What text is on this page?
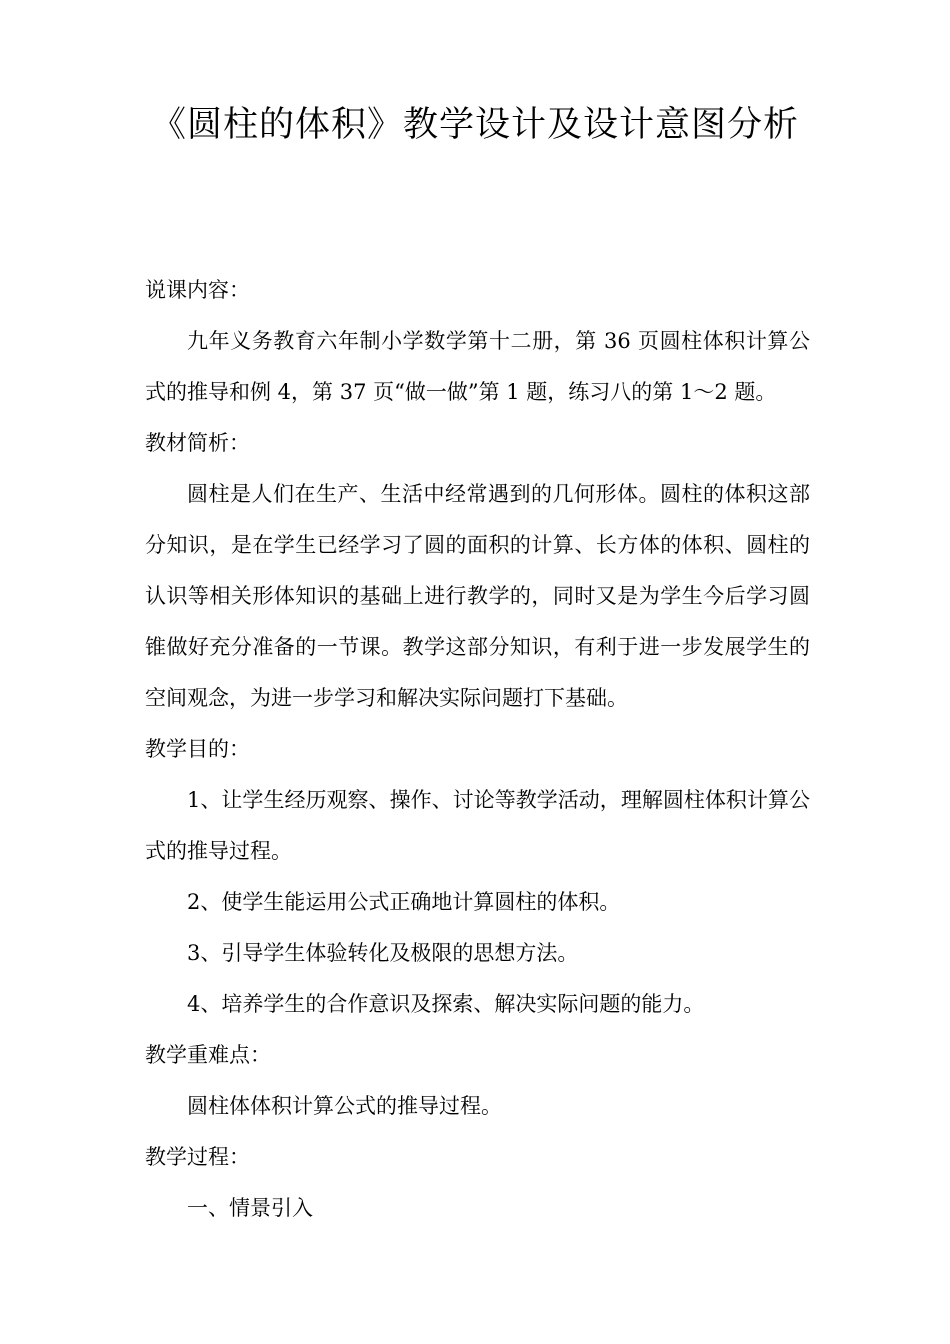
《圆柱的体积》教学设计及设计意图分析

说课内容：

九年义务教育六年制小学数学第十二册，第 36 页圆柱体积计算公式的推导和例 4，第 37 页“做一做”第 1 题，练习八的第 1～2 题。

教材简析：

圆柱是人们在生产、生活中经常遇到的几何形体。圆柱的体积这部分知识，是在学生已经学习了圆的面积的计算、长方体的体积、圆柱的认识等相关形体知识的基础上进行教学的，同时又是为学生今后学习圆锥做好充分准备的一节课。教学这部分知识，有利于进一步发展学生的空间观念，为进一步学习和解决实际问题打下基础。

教学目的：

1、让学生经历观察、操作、讨论等教学活动，理解圆柱体积计算公式的推导过程。

2、使学生能运用公式正确地计算圆柱的体积。

3、引导学生体验转化及极限的思想方法。

4、培养学生的合作意识及探索、解决实际问题的能力。

教学重难点：

圆柱体体积计算公式的推导过程。

教学过程：

一、情景引入
